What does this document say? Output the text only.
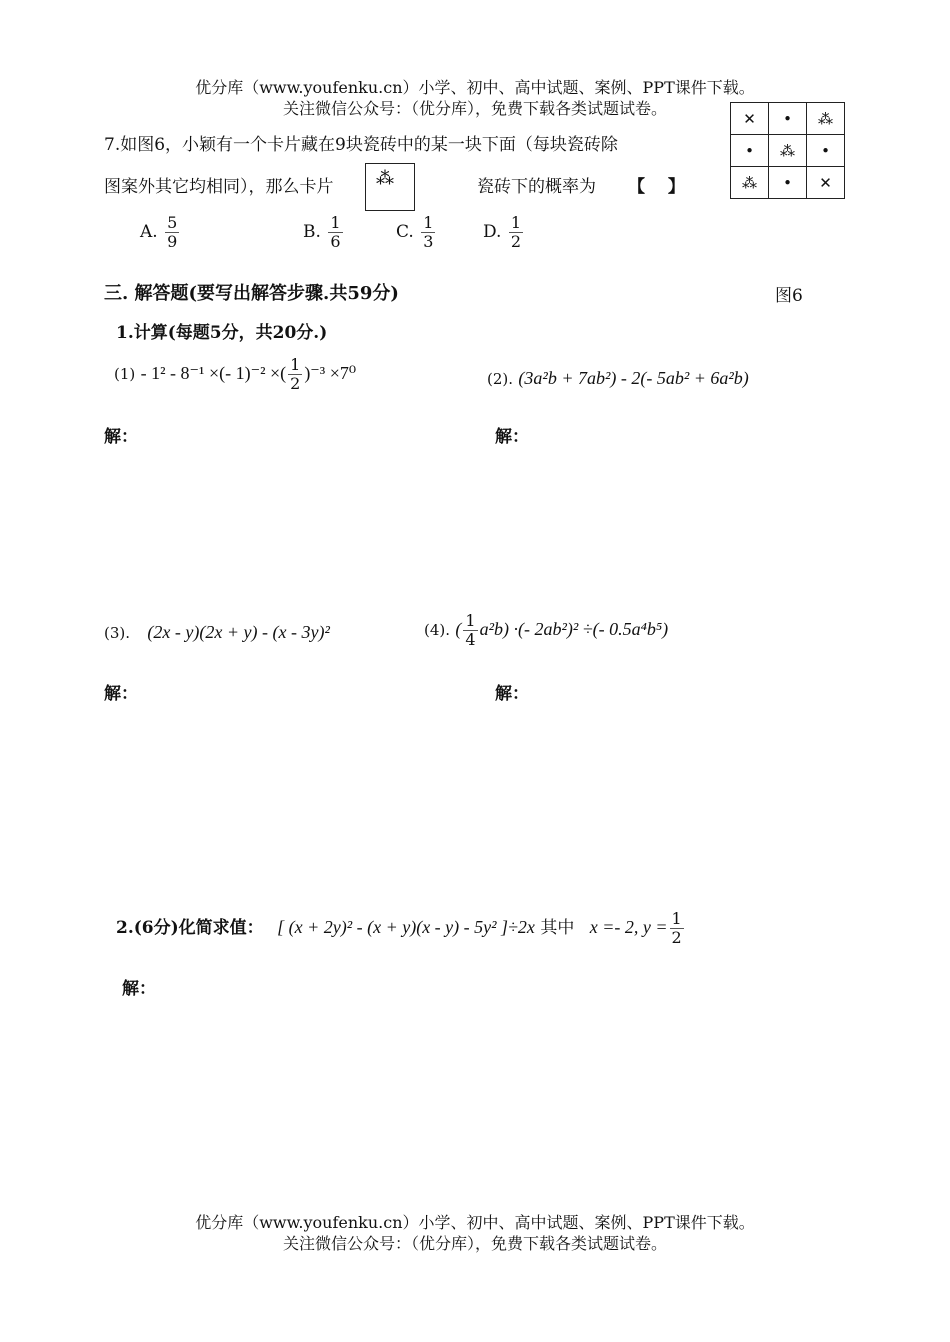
优分库（www.youfenku.cn）小学、初中、高中试题、案例、PPT课件下载。
关注微信公众号：（优分库），免费下载各类试题试卷。
✕	•	⁂
•	⁂	•
⁂	•	✕
7.如图6，小颖有一个卡片藏在9块瓷砖中的某一块下面（每块瓷砖除
图案外其它均相同），那么卡片 ⁂	瓷砖下的概率为 【　 】
A. $\frac{5}{9}$	B. $\frac{1}{6}$	C. $\frac{1}{3}$	D. $\frac{1}{2}$
三. 解答题(要写出解答步骤.共59分)	图6
1.计算(每题5分，共20分.)
(1) - 1² - 8⁻¹ ×(- 1)⁻² ×( $\frac{1}{2} )^{-3} \times 7^0$	(2). (3a²b + 7ab²) - 2(- 5ab² + 6a²b)
解：	解：
(3). (2x - y)(2x + y) - (x - 3y)²	(4). ( $\frac{1}{4} a^2b$) ·(- 2ab²)² ÷(- 0.5a⁴b⁵)
解：	解：
2.(6分)化简求值： [ (x + 2y)² - (x + y)(x - y) - 5y² ]÷2x 其中 x =- 2, $y = \frac{1}{2}$
解：
优分库（www.youfenku.cn）小学、初中、高中试题、案例、PPT课件下载。
关注微信公众号：（优分库），免费下载各类试题试卷。
